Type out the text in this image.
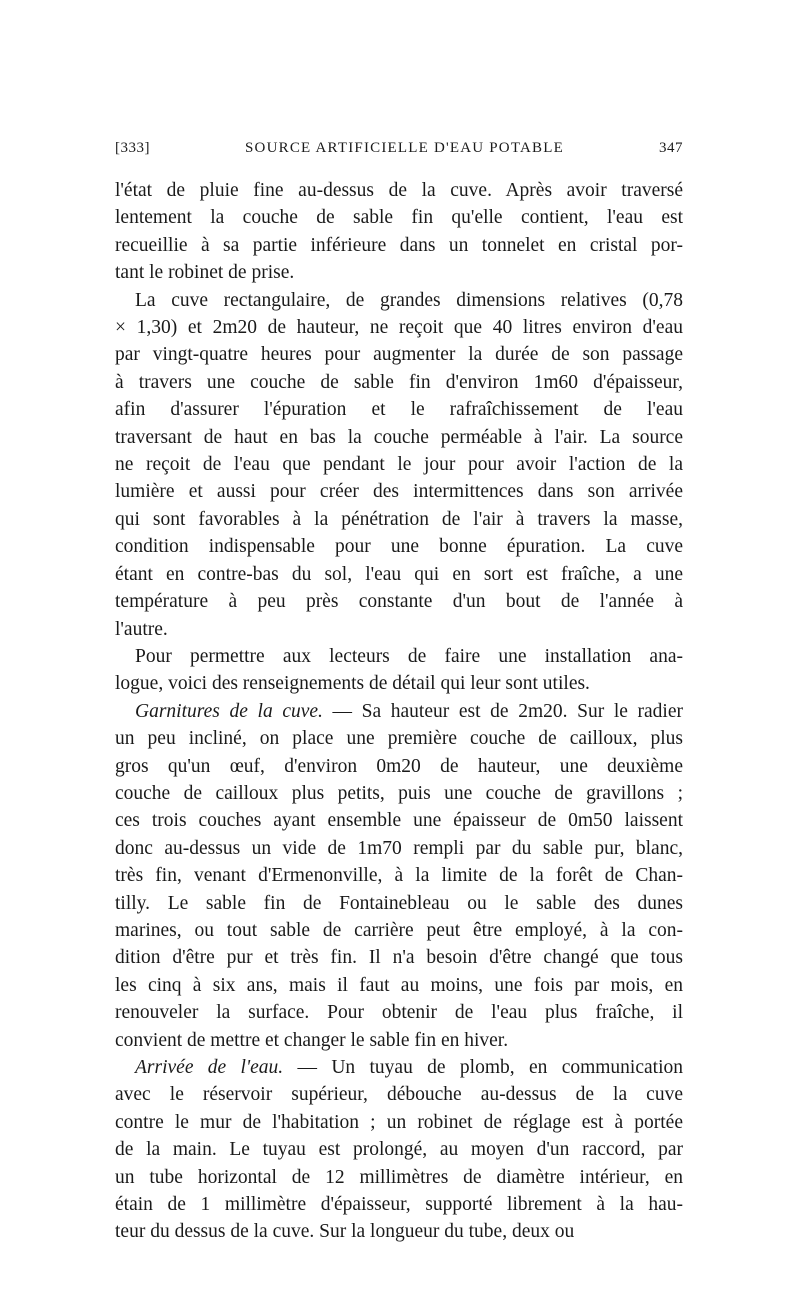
[333]	SOURCE ARTIFICIELLE D'EAU POTABLE	347
l'état de pluie fine au-dessus de la cuve. Après avoir traversé
lentement la couche de sable fin qu'elle contient, l'eau est
recueillie à sa partie inférieure dans un tonnelet en cristal por-
tant le robinet de prise.
La cuve rectangulaire, de grandes dimensions relatives (0,78
× 1,30) et 2m20 de hauteur, ne reçoit que 40 litres environ d'eau
par vingt-quatre heures pour augmenter la durée de son passage
à travers une couche de sable fin d'environ 1m60 d'épaisseur,
afin d'assurer l'épuration et le rafraîchissement de l'eau
traversant de haut en bas la couche perméable à l'air. La source
ne reçoit de l'eau que pendant le jour pour avoir l'action de la
lumière et aussi pour créer des intermittences dans son arrivée
qui sont favorables à la pénétration de l'air à travers la masse,
condition indispensable pour une bonne épuration. La cuve
étant en contre-bas du sol, l'eau qui en sort est fraîche, a une
température à peu près constante d'un bout de l'année à
l'autre.
Pour permettre aux lecteurs de faire une installation ana-
logue, voici des renseignements de détail qui leur sont utiles.
Garnitures de la cuve. — Sa hauteur est de 2m20. Sur le radier
un peu incliné, on place une première couche de cailloux, plus
gros qu'un œuf, d'environ 0m20 de hauteur, une deuxième
couche de cailloux plus petits, puis une couche de gravillons ;
ces trois couches ayant ensemble une épaisseur de 0m50 laissent
donc au-dessus un vide de 1m70 rempli par du sable pur, blanc,
très fin, venant d'Ermenonville, à la limite de la forêt de Chan-
tilly. Le sable fin de Fontainebleau ou le sable des dunes
marines, ou tout sable de carrière peut être employé, à la con-
dition d'être pur et très fin. Il n'a besoin d'être changé que tous
les cinq à six ans, mais il faut au moins, une fois par mois, en
renouveler la surface. Pour obtenir de l'eau plus fraîche, il
convient de mettre et changer le sable fin en hiver.
Arrivée de l'eau. — Un tuyau de plomb, en communication
avec le réservoir supérieur, débouche au-dessus de la cuve
contre le mur de l'habitation ; un robinet de réglage est à portée
de la main. Le tuyau est prolongé, au moyen d'un raccord, par
un tube horizontal de 12 millimètres de diamètre intérieur, en
étain de 1 millimètre d'épaisseur, supporté librement à la hau-
teur du dessus de la cuve. Sur la longueur du tube, deux ou
